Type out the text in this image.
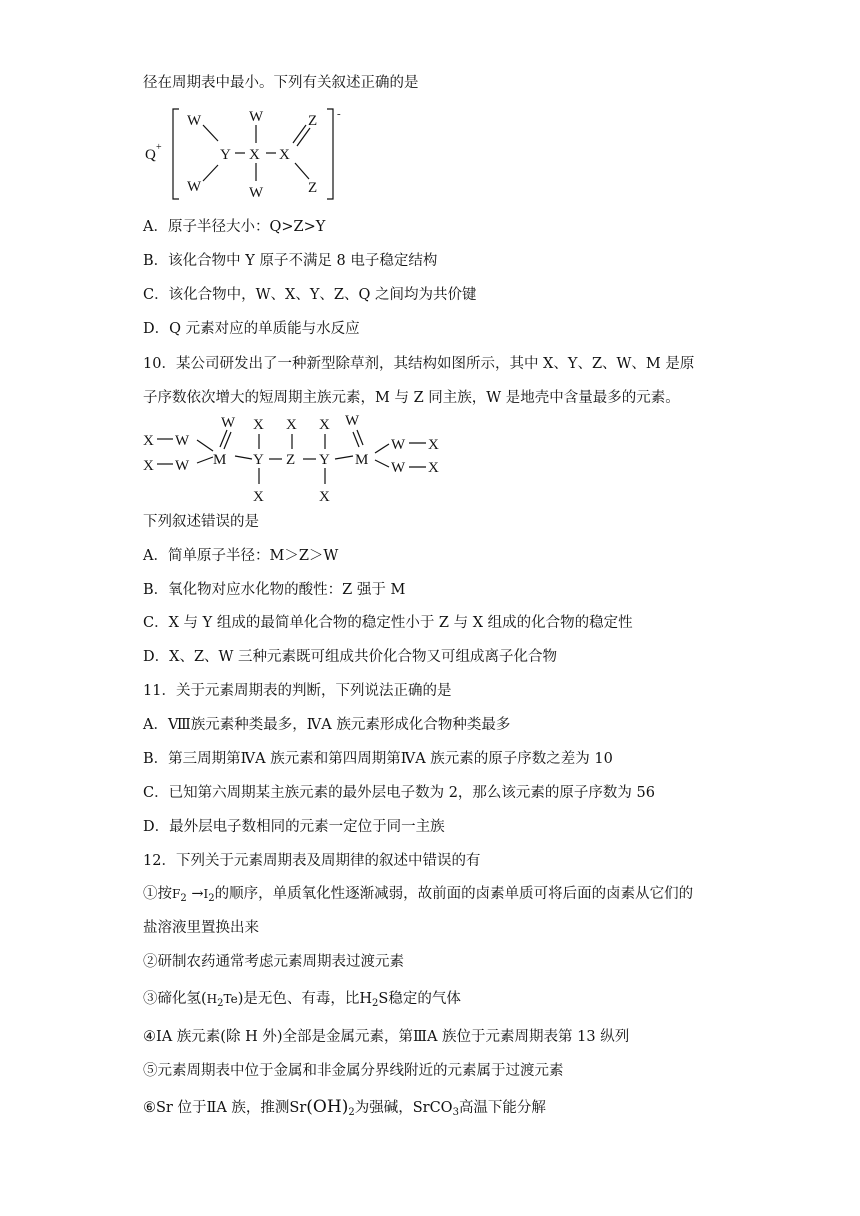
径在周期表中最小。下列有关叙述正确的是
Q +
-
W
W
Y
W
X
W
X
Z
Z
A．原子半径大小：Q>Z>Y
B．该化合物中 Y 原子不满足 8 电子稳定结构
C．该化合物中，W、X、Y、Z、Q 之间均为共价键
D．Q 元素对应的单质能与水反应
10．某公司研发出了一种新型除草剂，其结构如图所示，其中 X、Y、Z、W、M 是原
子序数依次增大的短周期主族元素，M 与 Z 同主族，W 是地壳中含量最多的元素。
X W
X W
W
M
X
Y
X
X
Z
X
Y
X
W
M
W X
W X
下列叙述错误的是
A．简单原子半径：M＞Z＞W
B．氧化物对应水化物的酸性：Z 强于 M
C．X 与 Y 组成的最简单化合物的稳定性小于 Z 与 X 组成的化合物的稳定性
D．X、Z、W 三种元素既可组成共价化合物又可组成离子化合物
11．关于元素周期表的判断，下列说法正确的是
A．Ⅷ族元素种类最多，ⅣA 族元素形成化合物种类最多
B．第三周期第ⅣA 族元素和第四周期第ⅣA 族元素的原子序数之差为 10
C．已知第六周期某主族元素的最外层电子数为 2，那么该元素的原子序数为 56
D．最外层电子数相同的元素一定位于同一主族
12．下列关于元素周期表及周期律的叙述中错误的有
①按$F_2 \to I_2$的顺序，单质氧化性逐渐减弱，故前面的卤素单质可将后面的卤素从它们的
盐溶液里置换出来
②研制农药通常考虑元素周期表过渡元素
③碲化氢$(H_2Te)$是无色、有毒，比$H_2S$稳定的气体
④ⅠA 族元素(除 H 外)全部是金属元素，第ⅢA 族位于元素周期表第 13 纵列
⑤元素周期表中位于金属和非金属分界线附近的元素属于过渡元素
⑥Sr 位于ⅡA 族，推测$Sr(OH)_2$为强碱，SrCO$_3$高温下能分解
